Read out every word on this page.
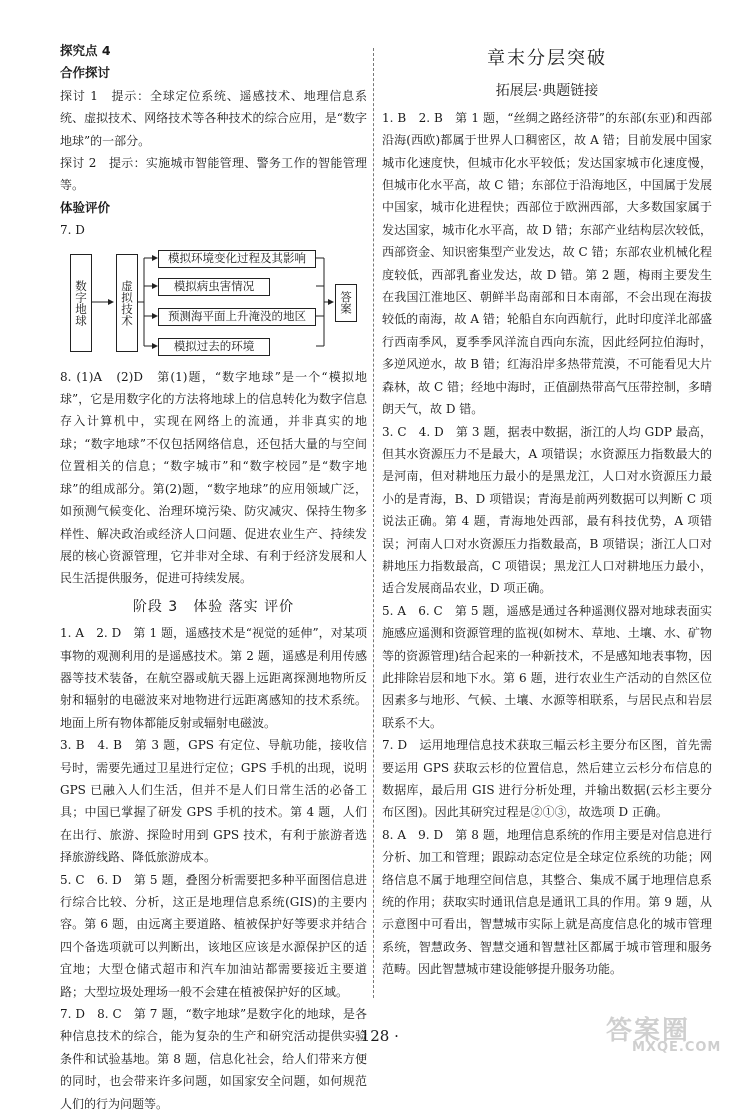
探究点 4
合作探讨

探讨 1　提示：全球定位系统、遥感技术、地理信息系统、虚拟技术、网络技术等各种技术的综合应用，是“数字地球”的一部分。

探讨 2　提示：实施城市智能管理、警务工作的智能管理等。

体验评价
7. D
数字地球	虚拟技术
模拟环境变化过程及其影响
模拟病虫害情况
预测海平面上升淹没的地区
模拟过去的环境
答案

8. (1)A　(2)D　第(1)题，“数字地球”是一个“模拟地球”，它是用数字化的方法将地球上的信息转化为数字信息存入计算机中，实现在网络上的流通，并非真实的地球；“数字地球”不仅包括网络信息，还包括大量的与空间位置相关的信息；“数字城市”和“数字校园”是“数字地球”的组成部分。第(2)题，“数字地球”的应用领域广泛，如预测气候变化、治理环境污染、防灾减灾、保持生物多样性、解决政治或经济人口问题、促进农业生产、持续发展的核心资源管理，它并非对全球、有利于经济发展和人民生活提供服务，促进可持续发展。

阶段 3　体验 落实 评价

1. A　2. D　第 1 题，遥感技术是“视觉的延伸”，对某项事物的观测利用的是遥感技术。第 2 题，遥感是利用传感器等技术装备，在航空器或航天器上远距离探测地物所反射和辐射的电磁波来对地物进行远距离感知的技术系统。地面上所有物体都能反射或辐射电磁波。

3. B　4. B　第 3 题，GPS 有定位、导航功能，接收信号时，需要先通过卫星进行定位；GPS 手机的出现，说明 GPS 已融入人们生活，但并不是人们日常生活的必备工具；中国已掌握了研发 GPS 手机的技术。第 4 题，人们在出行、旅游、探险时用到 GPS 技术，有利于旅游者选择旅游线路、降低旅游成本。

5. C　6. D　第 5 题，叠图分析需要把多种平面图信息进行综合比较、分析，这正是地理信息系统(GIS)的主要内容。第 6 题，由远离主要道路、植被保护好等要求并结合四个备选项就可以判断出，该地区应该是水源保护区的适宜地；大型仓储式超市和汽车加油站都需要接近主要道路；大型垃圾处理场一般不会建在植被保护好的区域。

7. D　8. C　第 7 题，“数字地球”是数字化的地球，是各种信息技术的综合，能为复杂的生产和研究活动提供实验条件和试验基地。第 8 题，信息化社会，给人们带来方便的同时，也会带来许多问题，如国家安全问题，如何规范人们的行为问题等。

章末分层突破
拓展层·典题链接

1. B　2. B　第 1 题，“丝绸之路经济带”的东部(东亚)和西部沿海(西欧)都属于世界人口稠密区，故 A 错；目前发展中国家城市化速度快，但城市化水平较低；发达国家城市化速度慢，但城市化水平高，故 C 错；东部位于沿海地区，中国属于发展中国家，城市化进程快；西部位于欧洲西部，大多数国家属于发达国家，城市化水平高，故 D 错；东部产业结构层次较低，西部资金、知识密集型产业发达，故 C 错；东部农业机械化程度较低，西部乳畜业发达，故 D 错。第 2 题，梅雨主要发生在我国江淮地区、朝鲜半岛南部和日本南部，不会出现在海拔较低的南海，故 A 错；轮船自东向西航行，此时印度洋北部盛行西南季风，夏季季风洋流自西向东流，因此经阿拉伯海时，多逆风逆水，故 B 错；红海沿岸多热带荒漠，不可能看见大片森林，故 C 错；经地中海时，正值副热带高气压带控制，多晴朗天气，故 D 错。

3. C　4. D　第 3 题，据表中数据，浙江的人均 GDP 最高，但其水资源压力不是最大，A 项错误；水资源压力指数最大的是河南，但对耕地压力最小的是黑龙江，人口对水资源压力最小的是青海，B、D 项错误；青海是前两列数据可以判断 C 项说法正确。第 4 题，青海地处西部，最有科技优势，A 项错误；河南人口对水资源压力指数最高，B 项错误；浙江人口对耕地压力指数最高，C 项错误；黑龙江人口对耕地压力最小，适合发展商品农业，D 项正确。

5. A　6. C　第 5 题，遥感是通过各种遥测仪器对地球表面实施感应遥测和资源管理的监视(如树木、草地、土壤、水、矿物等的资源管理)结合起来的一种新技术，不是感知地表事物，因此排除岩层和地下水。第 6 题，进行农业生产活动的自然区位因素多与地形、气候、土壤、水源等相联系，与居民点和岩层联系不大。

7. D　运用地理信息技术获取三幅云杉主要分布区图，首先需要运用 GPS 获取云杉的位置信息，然后建立云杉分布信息的数据库，最后用 GIS 进行分析处理，并输出数据(云杉主要分布区图)。因此其研究过程是②①③，故选项 D 正确。

8. A　9. D　第 8 题，地理信息系统的作用主要是对信息进行分析、加工和管理；跟踪动态定位是全球定位系统的功能；网络信息不属于地理空间信息，其整合、集成不属于地理信息系统的作用；获取实时通讯信息是通讯工具的作用。第 9 题，从示意图中可看出，智慧城市实际上就是高度信息化的城市管理系统，智慧政务、智慧交通和智慧社区都属于城市管理和服务范畴。因此智慧城市建设能够提升服务功能。

· 128 ·	答案圈
MXQE.COM
